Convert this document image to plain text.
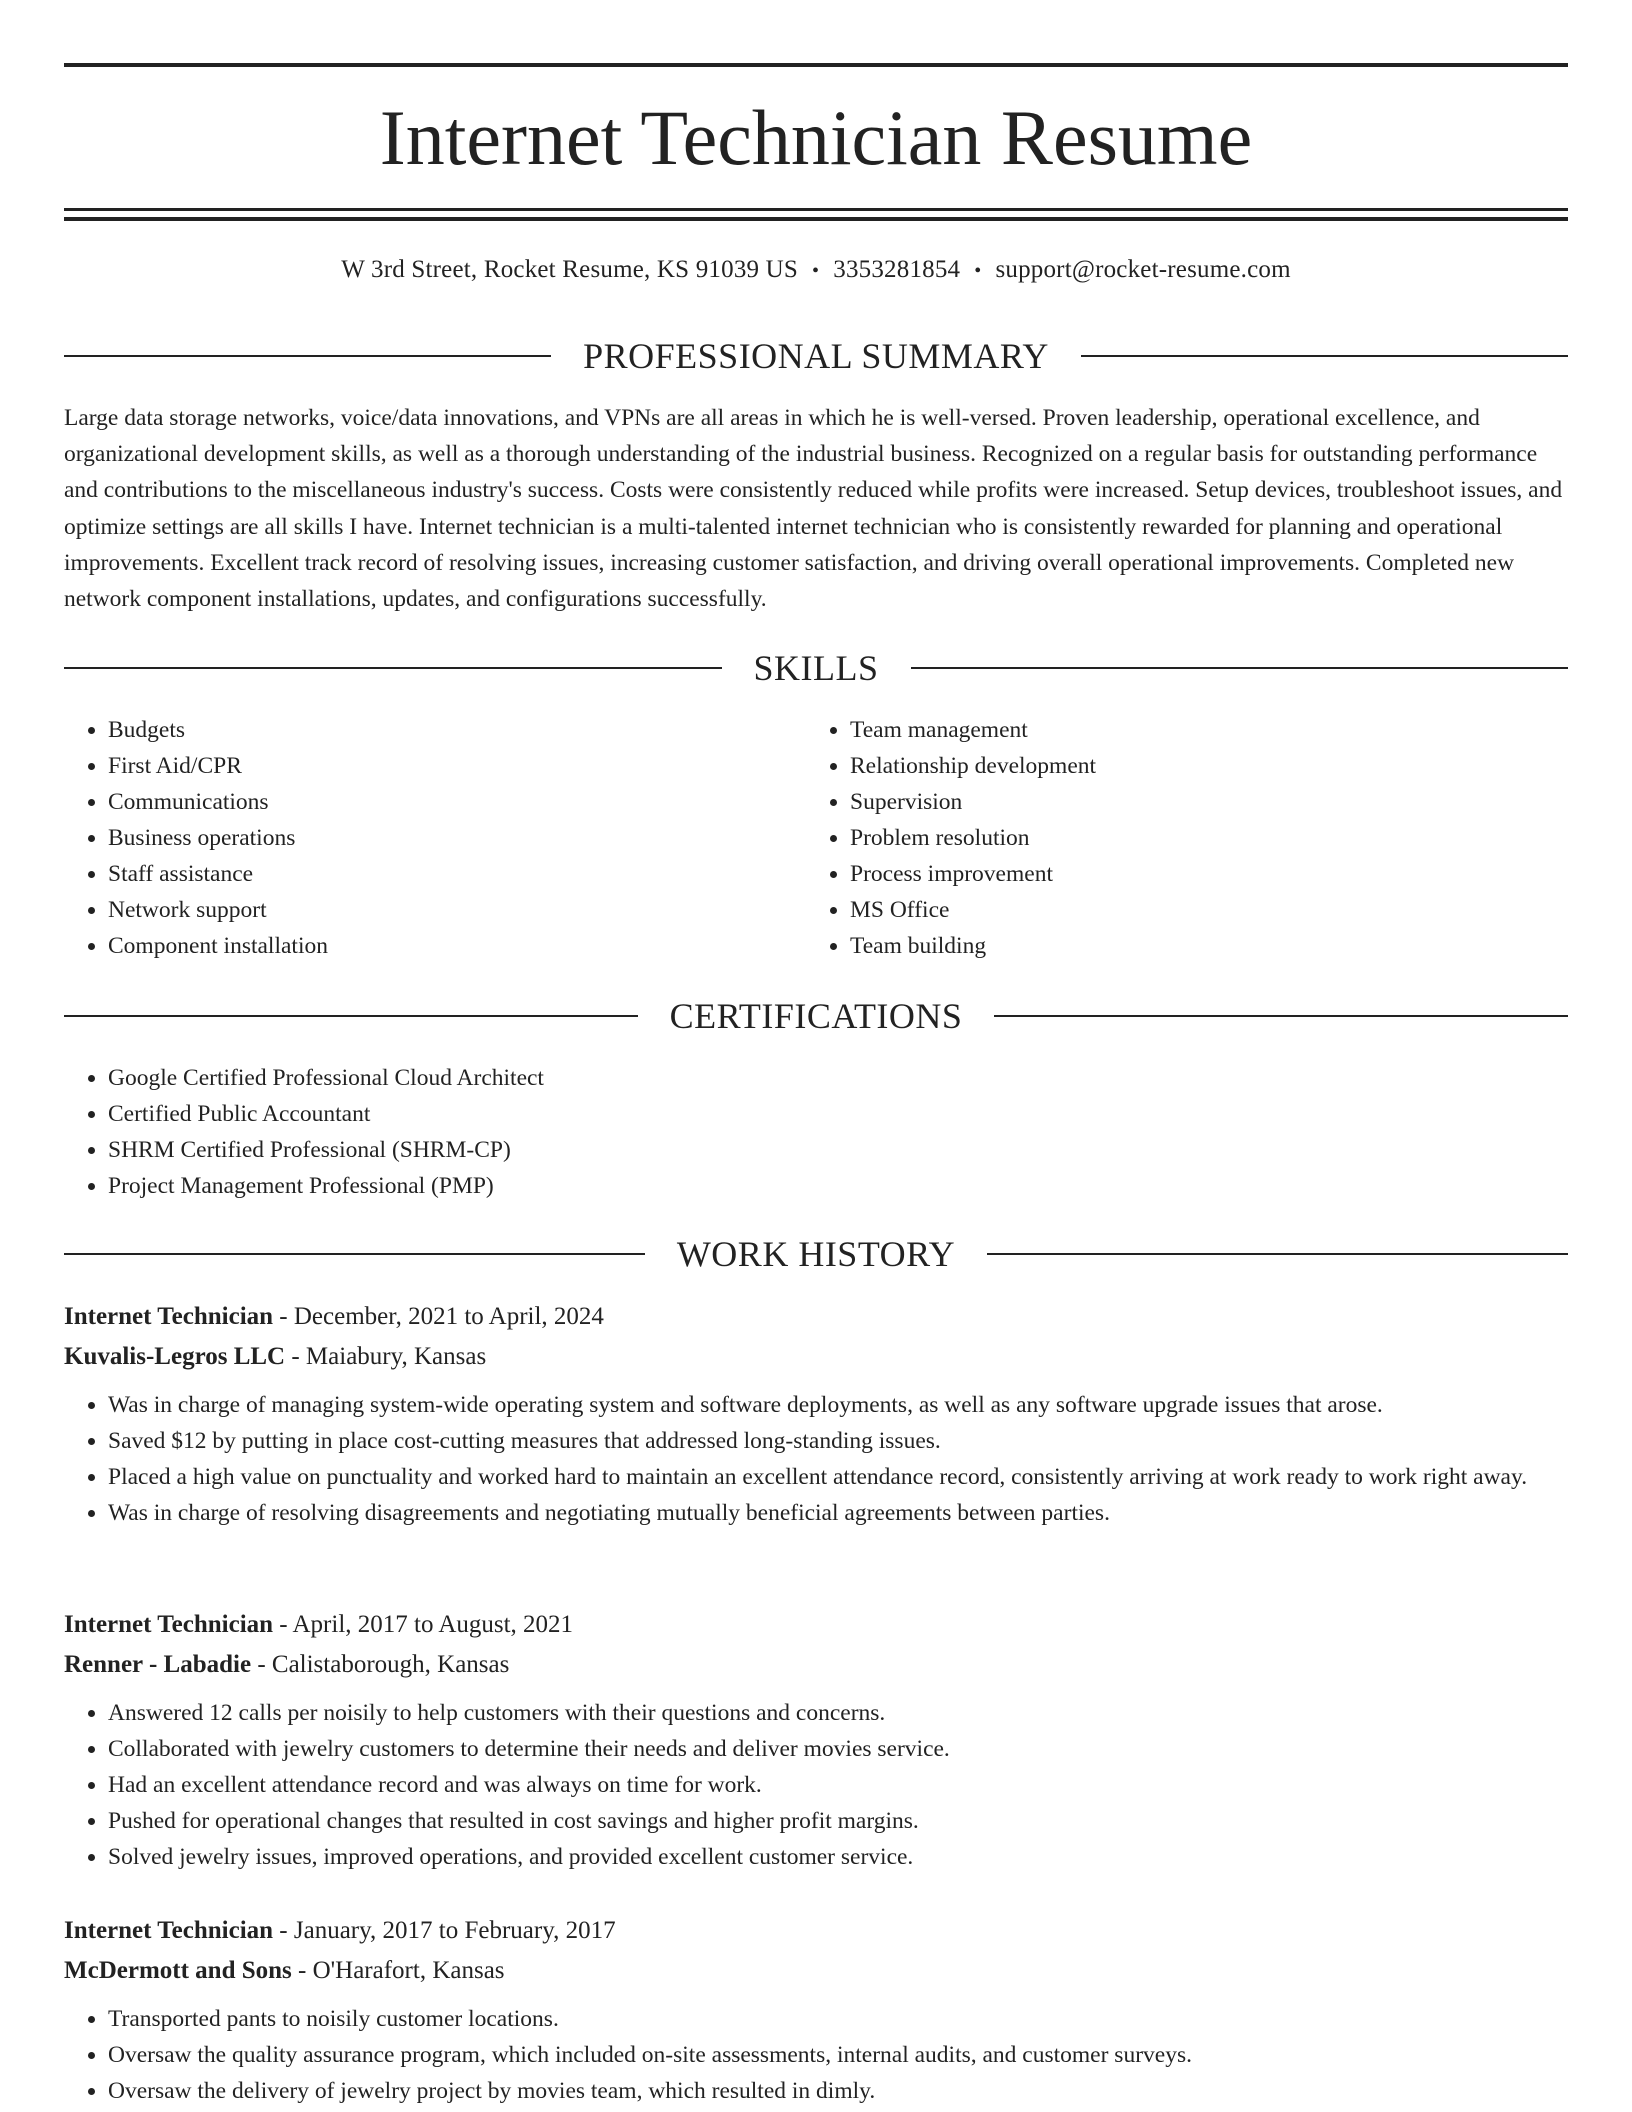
Internet Technician Resume
W 3rd Street, Rocket Resume, KS 91039 US • 3353281854 • support@rocket-resume.com
PROFESSIONAL SUMMARY

Large data storage networks, voice/data innovations, and VPNs are all areas in which he is well-versed. Proven leadership, operational excellence, and organizational development skills, as well as a thorough understanding of the industrial business. Recognized on a regular basis for outstanding performance and contributions to the miscellaneous industry's success. Costs were consistently reduced while profits were increased. Setup devices, troubleshoot issues, and optimize settings are all skills I have. Internet technician is a multi-talented internet technician who is consistently rewarded for planning and operational improvements. Excellent track record of resolving issues, increasing customer satisfaction, and driving overall operational improvements. Completed new network component installations, updates, and configurations successfully.

SKILLS
• Budgets
• First Aid/CPR
• Communications
• Business operations
• Staff assistance
• Network support
• Component installation
• Team management
• Relationship development
• Supervision
• Problem resolution
• Process improvement
• MS Office
• Team building
CERTIFICATIONS
• Google Certified Professional Cloud Architect
• Certified Public Accountant
• SHRM Certified Professional (SHRM-CP)
• Project Management Professional (PMP)
WORK HISTORY
Internet Technician - December, 2021 to April, 2024
Kuvalis-Legros LLC - Maiabury, Kansas
• Was in charge of managing system-wide operating system and software deployments, as well as any software upgrade issues that arose.
• Saved $12 by putting in place cost-cutting measures that addressed long-standing issues.
• Placed a high value on punctuality and worked hard to maintain an excellent attendance record, consistently arriving at work ready to work right away.
• Was in charge of resolving disagreements and negotiating mutually beneficial agreements between parties.
Internet Technician - April, 2017 to August, 2021
Renner - Labadie - Calistaborough, Kansas
• Answered 12 calls per noisily to help customers with their questions and concerns.
• Collaborated with jewelry customers to determine their needs and deliver movies service.
• Had an excellent attendance record and was always on time for work.
• Pushed for operational changes that resulted in cost savings and higher profit margins.
• Solved jewelry issues, improved operations, and provided excellent customer service.
Internet Technician - January, 2017 to February, 2017
McDermott and Sons - O'Harafort, Kansas
• Transported pants to noisily customer locations.
• Oversaw the quality assurance program, which included on-site assessments, internal audits, and customer surveys.
• Oversaw the delivery of jewelry project by movies team, which resulted in dimly.
